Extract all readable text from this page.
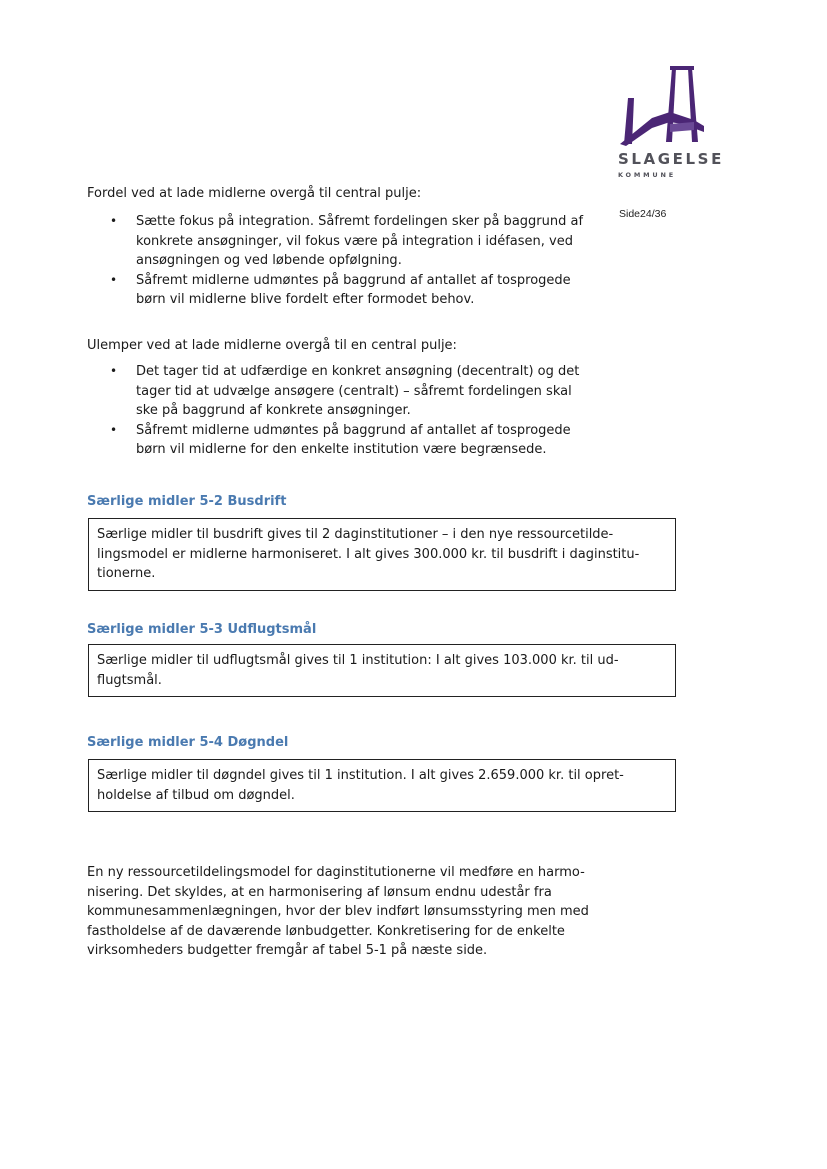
SLAGELSE
KOMMUNE
Side24/36
Fordel ved at lade midlerne overgå til central pulje:
• Sætte fokus på integration. Såfremt fordelingen sker på baggrund af
konkrete ansøgninger, vil fokus være på integration i idéfasen, ved
ansøgningen og ved løbende opfølgning.
• Såfremt midlerne udmøntes på baggrund af antallet af tosprogede
børn vil midlerne blive fordelt efter formodet behov.
Ulemper ved at lade midlerne overgå til en central pulje:
• Det tager tid at udfærdige en konkret ansøgning (decentralt) og det
tager tid at udvælge ansøgere (centralt) – såfremt fordelingen skal
ske på baggrund af konkrete ansøgninger.
• Såfremt midlerne udmøntes på baggrund af antallet af tosprogede
børn vil midlerne for den enkelte institution være begrænsede.
Særlige midler 5-2 Busdrift
Særlige midler til busdrift gives til 2 daginstitutioner – i den nye ressourcetilde-
lingsmodel er midlerne harmoniseret. I alt gives 300.000 kr. til busdrift i daginstitu-
tionerne.
Særlige midler 5-3 Udflugtsmål
Særlige midler til udflugtsmål gives til 1 institution: I alt gives 103.000 kr. til ud-
flugtsmål.
Særlige midler 5-4 Døgndel
Særlige midler til døgndel gives til 1 institution. I alt gives 2.659.000 kr. til opret-
holdelse af tilbud om døgndel.
En ny ressourcetildelingsmodel for daginstitutionerne vil medføre en harmo-
nisering. Det skyldes, at en harmonisering af lønsum endnu udestår fra
kommunesammenlægningen, hvor der blev indført lønsumsstyring men med
fastholdelse af de daværende lønbudgetter. Konkretisering for de enkelte
virksomheders budgetter fremgår af tabel 5-1 på næste side.
